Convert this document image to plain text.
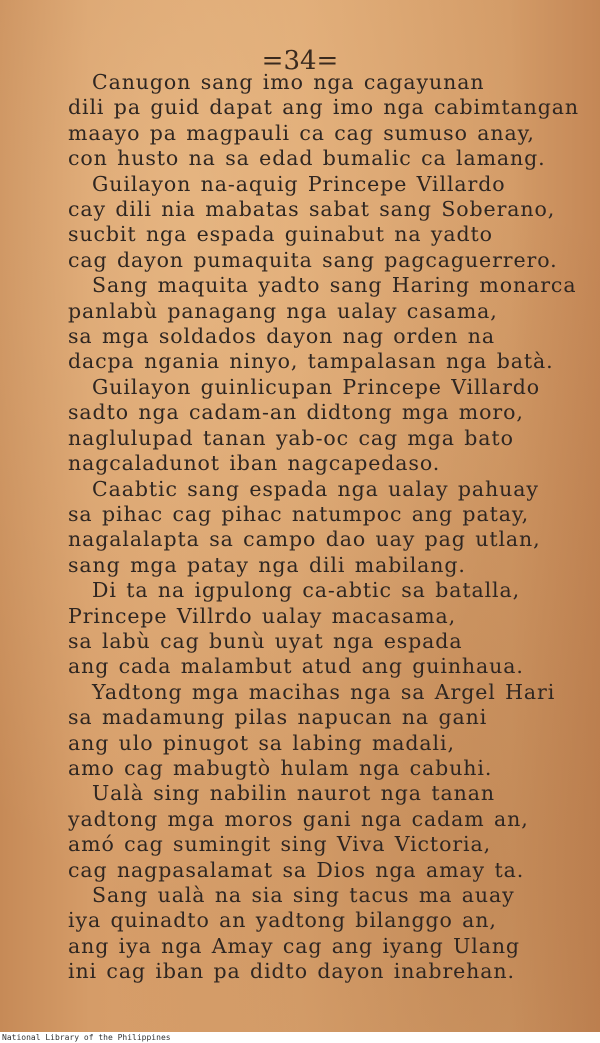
=34=
Canugon sang imo nga cagayunan
dili pa guid dapat ang imo nga cabimtangan
maayo pa magpauli ca cag sumuso anay,
con husto na sa edad bumalic ca lamang.
Guilayon na-aquig Princepe Villardo
cay dili nia mabatas sabat sang Soberano,
sucbit nga espada guinabut na yadto
cag dayon pumaquita sang pagcaguerrero.
Sang maquita yadto sang Haring monarca
panlabù panagang nga ualay casama,
sa mga soldados dayon nag orden na
dacpa ngania ninyo, tampalasan nga batà.
Guilayon guinlicupan Princepe Villardo
sadto nga cadam-an didtong mga moro,
naglulupad tanan yab-oc cag mga bato
nagcaladunot iban nagcapedaso.
Caabtic sang espada nga ualay pahuay
sa pihac cag pihac natumpoc ang patay,
nagalalapta sa campo dao uay pag utlan,
sang mga patay nga dili mabilang.
Di ta na igpulong ca-abtic sa batalla,
Princepe Villrdo ualay macasama,
sa labù cag bunù uyat nga espada
ang cada malambut atud ang guinhaua.
Yadtong mga macihas nga sa Argel Hari
sa madamung pilas napucan na gani
ang ulo pinugot sa labing madali,
amo cag mabugtò hulam nga cabuhi.
Ualà sing nabilin naurot nga tanan
yadtong mga moros gani nga cadam an,
amó cag sumingit sing Viva Victoria,
cag nagpasalamat sa Dios nga amay ta.
Sang ualà na sia sing tacus ma auay
iya quinadto an yadtong bilanggo an,
ang iya nga Amay cag ang iyang Ulang
ini cag iban pa didto dayon inabrehan.
National Library of the Philippines
